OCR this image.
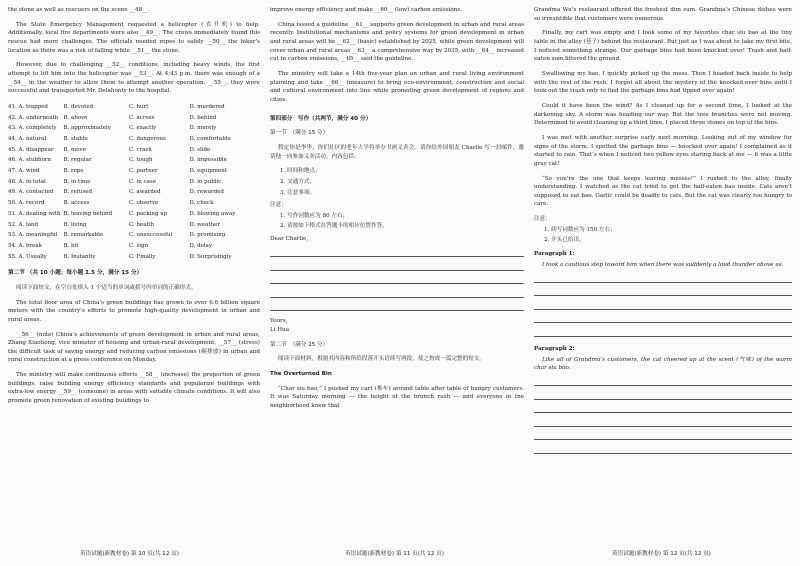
the stone as well as rescuers on the scene __48__.

The State Emergency Management requested a helicopter (直升机) to help. Additionally, local fire departments were also __49__. The crews immediately found this rescue had more challenges. The officials needed ropes to safely __50__ the hiker’s location as there was a risk of falling while __51__ the stone.

However, due to challenging __52__ conditions, including heavy winds, the first attempt to lift him into the helicopter was __53__. At 4:43 p.m. there was enough of a __54__ in the weather to allow them to attempt another operation. __55__, they were successful and transported Mr. Delahonty to the hospital.

41. A. trapped	B. devoted	C. hurt	D. murdered
42. A. underneath	B. above	C. across	D. behind
43. A. completely	B. approximately	C. exactly	D. merely
44. A. natural	B. stable	C. dangerous	D. comfortable
45. A. disappear	B. move	C. crash	D. slide
46. A. stubborn	B. regular	C. tough	D. impossible
47. A. wind	B. rope	C. partner	D. equipment
48. A. in total	B. in time	C. in case	D. in public
49. A. contacted	B. refused	C. awarded	D. rewarded
50. A. record	B. access	C. observe	D. check
51. A. dealing with	B. leaving behind	C. packing up	D. blowing away
52. A. land	B. living	C. health	D. weather
53. A. meaningful	B. remarkable	C. unsuccessful	D. promising
54. A. break	B. hit	C. sign	D. delay
55. A. Usually	B. Instantly	C. Finally	D. Surprisingly

第二节 （共 10 小题；每小题 1.5 分，满分 15 分）

阅读下面短文，在空白处填入 1 个适当的单词或括号内单词的正确形式。

The total floor area of China’s green buildings has grown to over 6.6 billion square meters with the country’s efforts to promote high-quality development in urban and rural areas.

__56__ (note) China’s achievements of green development in urban and rural areas, Zhang Xiaohong, vice minister of housing and urban-rural development, __57__ (stress) the difficult task of saving energy and reducing carbon emissions (碳排放) in urban and rural construction at a press conference on Monday.

The ministry will make continuous efforts __58__ (increase) the proportion of green buildings, raise building energy efficiency standards and popularize buildings with extra-low energy __59__ (consume) in areas with suitable climate conditions. It will also promote green renovation of existing buildings to

英语试题(新教材卷) 第 10 页(共 12 页)

improve energy efficiency and make __60__ (low) carbon emissions.

China issued a guideline __61__ supports green development in urban and rural areas recently. Institutional mechanisms and policy systems for green development in urban and rural areas will be __62__ (basic) established by 2025, while green development will cover urban and rural areas __63__ a comprehensive way by 2035, with __64__ increased cut in carbon emissions, __65__ said the guideline.

The ministry will take a 14th five-year plan on urban and rural living environment planning and take __66__ (measure) to bring eco-environment, construction and social and cultural environment into line while promoting green development of regions and cities.

第四部分　写作（共两节，满分 40 分）

第一节　（满分 15 分）

假定你是李华，你们社区的老年大学将举办书画义卖会。请你给外国朋友 Charlie 写一封邮件，邀请他一同参加义卖活动，内容包括：

1. 时间和地点；

2. 交通方式；

3. 注意事项。

注意：

1. 写作词数应为 80 左右；

2. 请按如下格式在答题卡的相应位置作答。

Dear Charlie,

Yours,

Li Hua

第二节　（满分 25 分）

阅读下面材料，根据其内容和所给段落开头语续写两段，使之构成一篇完整的短文。

The Overturned Bin

“Char siu bao,” I pushed my cart (推车) around table after table of hungry customers. It was Saturday morning — the height of the brunch rush — and everyone in the neighborhood knew that

英语试题(新教材卷) 第 11 页(共 12 页)

Grandma Wu’s restaurant offered the freshest dim sum. Grandma’s Chinese dishes were so irresistible that customers were numerous.

Finally, my cart was empty and I took some of my favorites char siu bao at the tiny table in the alley (巷子) behind the restaurant. But just as I was about to take my first bite, I noticed something strange. Our garbage bins had been knocked over! Trash and half-eaten sum littered the ground.

Swallowing my bao, I quickly picked up the mess. Then I headed back inside to help with the rest of the rush. I forgot all about the mystery of the knocked-over bins until I took out the trash only to find the garbage bins had tipped over again!

Could it have been the wind? As I cleaned up for a second time, I looked at the darkening sky. A storm was heading our way. But the tree branches were not moving. Determined to avoid cleaning up a third time, I placed three stones on top of the bins.

I was met with another surprise early next morning. Looking out of my window for signs of the storm, I spotted the garbage bins — knocked over again! I complained as it started to rain. That’s when I noticed two yellow eyes staring back at me — it was a little gray cat!

“So you’re the one that keeps leaving messes!” I rushed to the alley, finally understanding. I watched as the cat tried to get the half-eaten bao inside. Cats aren’t supposed to eat bao. Garlic could be deadly to cats. But the cat was clearly too hungry to care.

注意：

1. 续写词数应为 150 左右；

2. 开头已给出。

Paragraph 1:

I took a cautious step toward him when there was suddenly a loud thunder above us.

Paragraph 2:

Like all of Grandma’s customers, the cat cheered up at the scent (气味) of the warm char siu bao.

英语试题(新教材卷) 第 12 页(共 12 页)
